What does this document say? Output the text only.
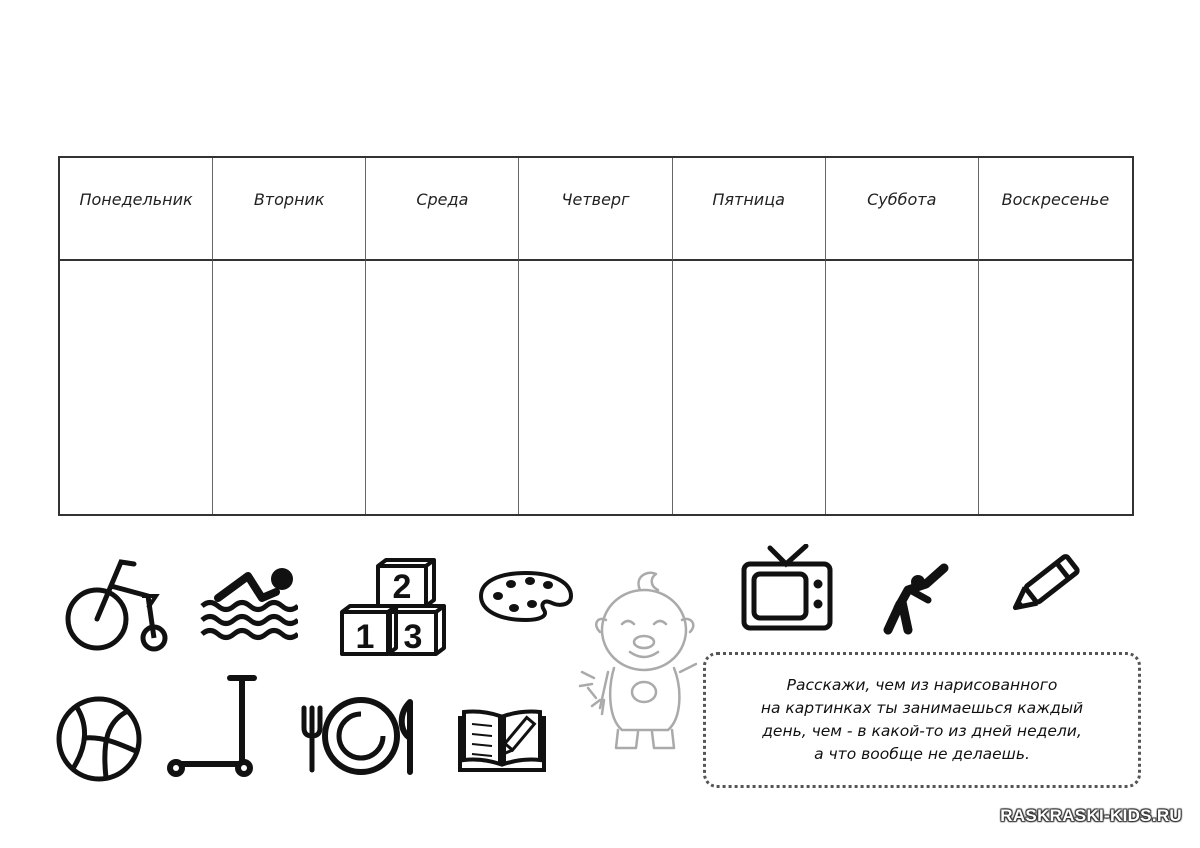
Понедельник	Вторник	Среда	Четверг	Пятница	Суббота	Воскресенье
2
1 3
Расскажи, чем из нарисованного
на картинках ты занимаешься каждый
день, чем - в какой-то из дней недели,
а что вообще не делаешь.
RASKRASKI-KIDS.RU
